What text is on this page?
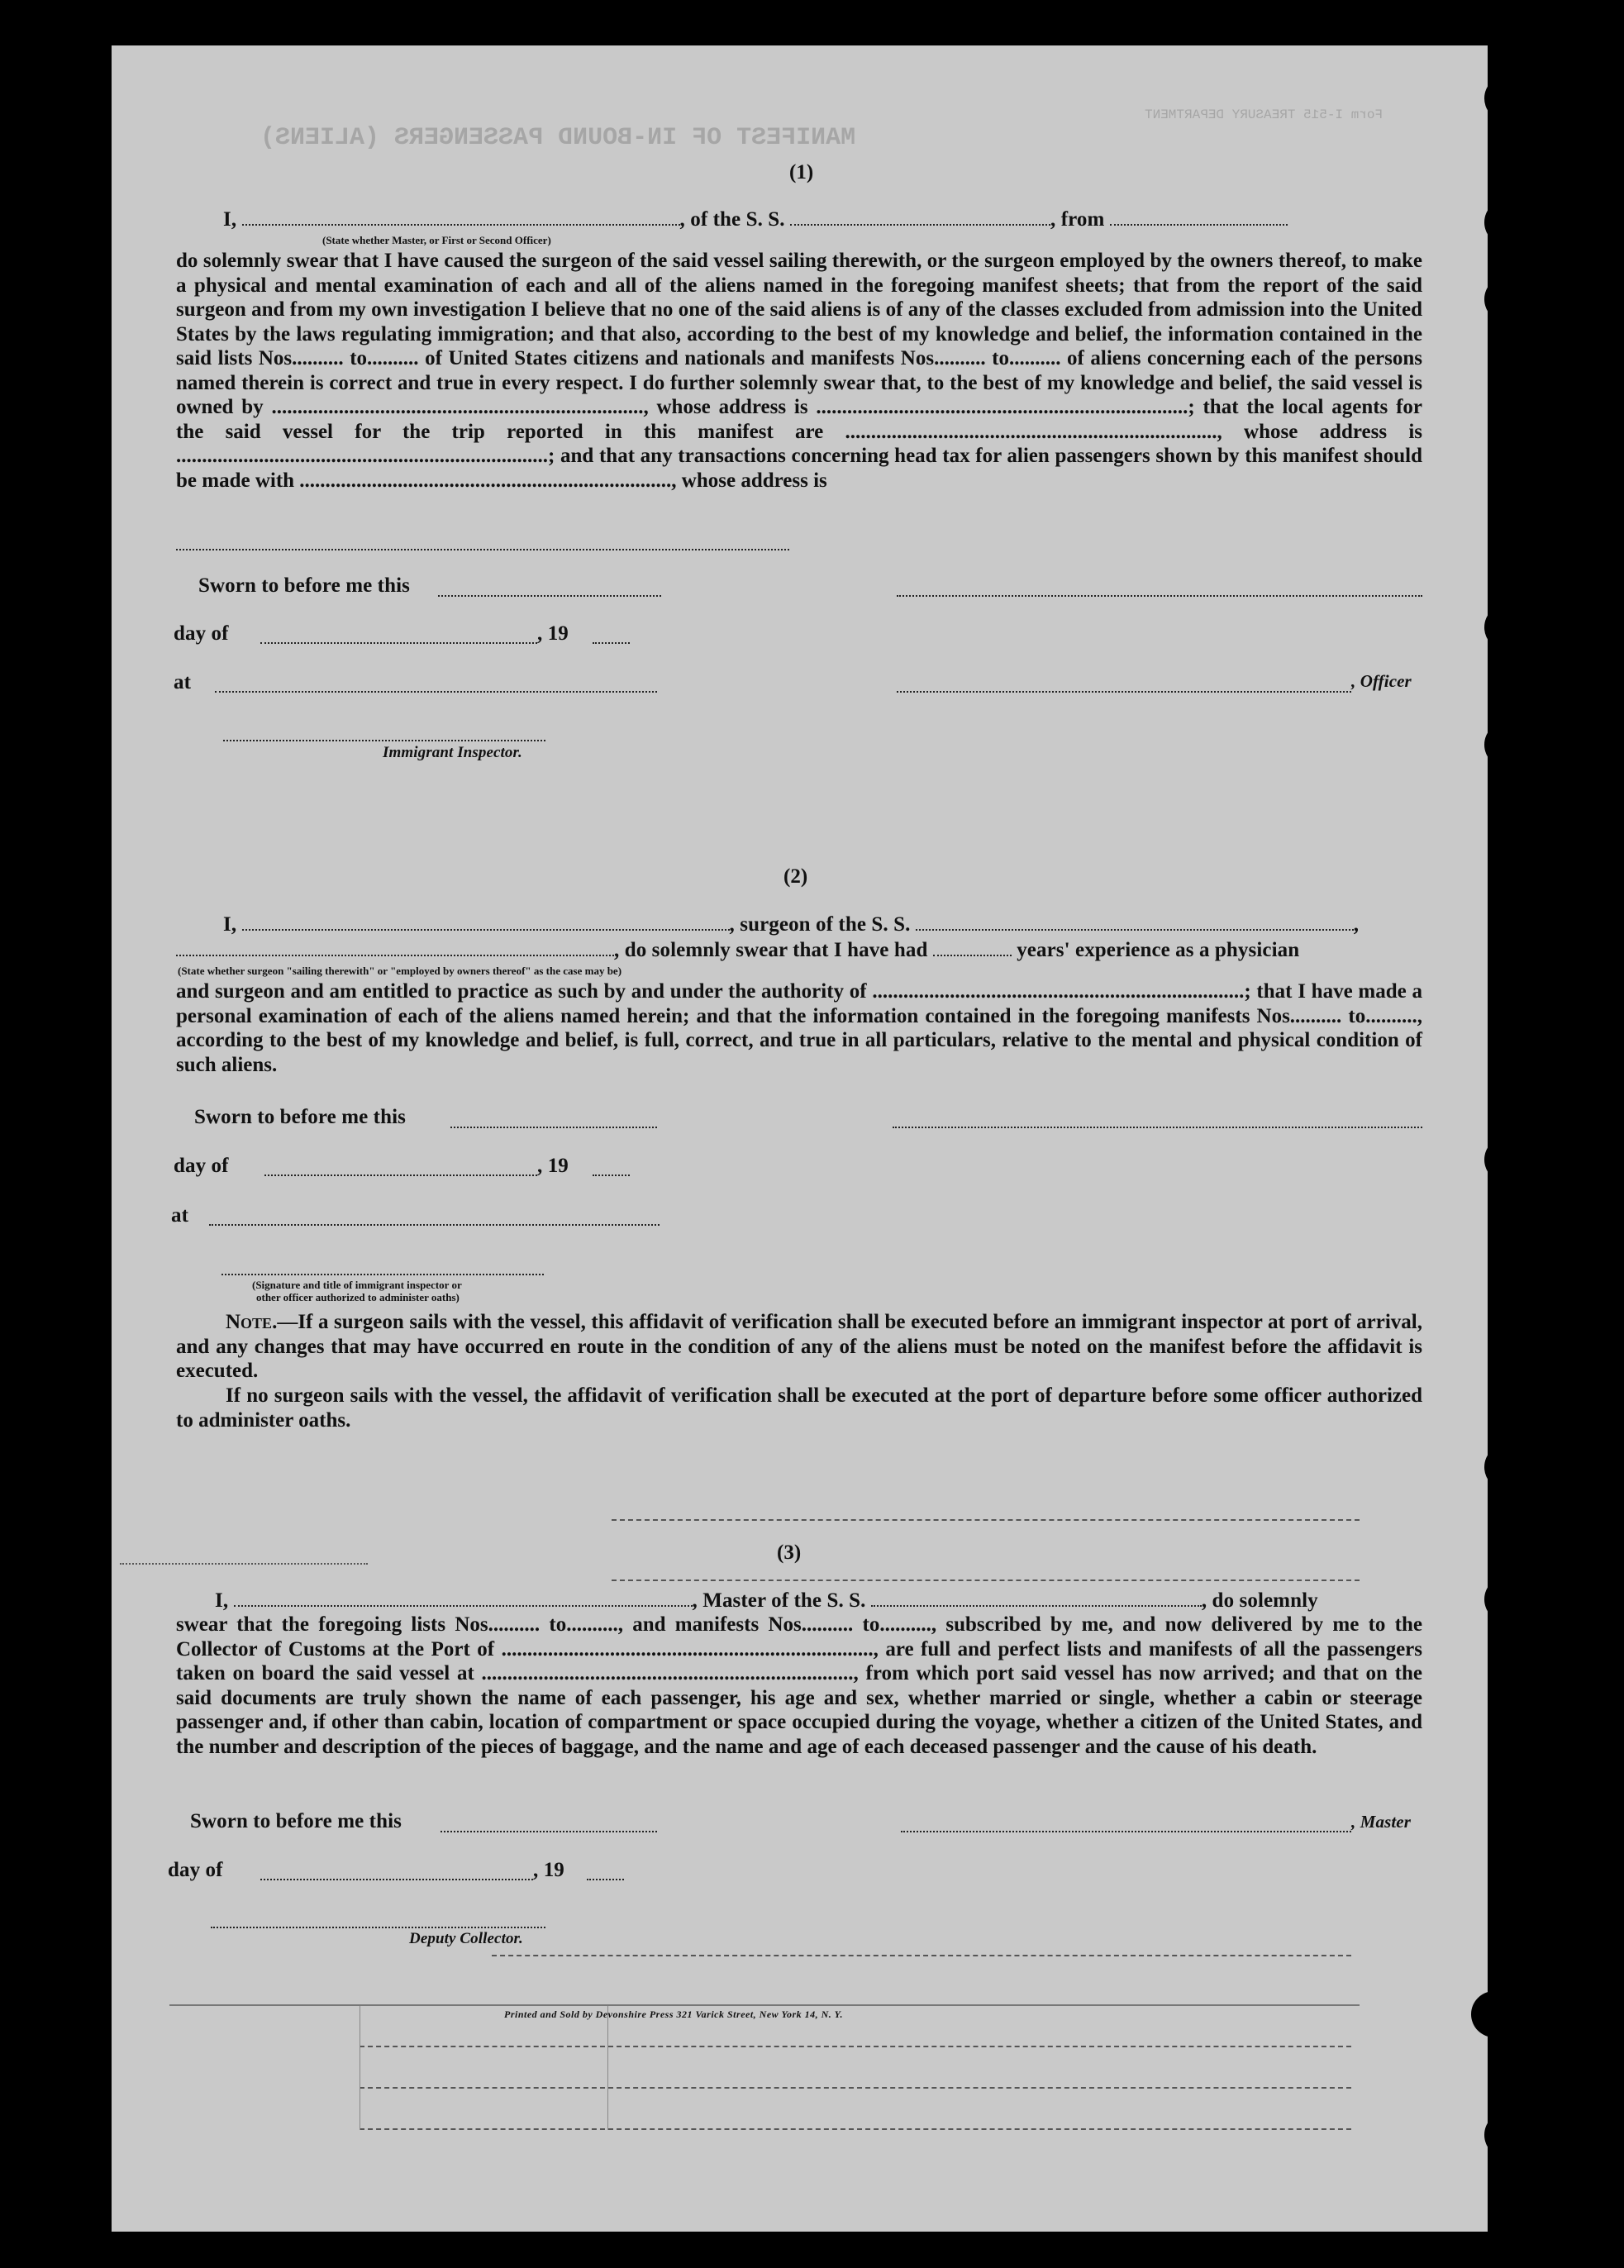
MANIFEST OF IN-BOUND PASSENGERS (ALIENS)
Form I-515 TREASURY DEPARTMENT
(1)
I,	, of the S. S.	, from
(State whether Master, or First or Second Officer)
do solemnly swear that I have caused the surgeon of the said vessel sailing therewith, or the surgeon employed by the owners thereof, to make a physical and mental examination of each and all of the aliens named in the foregoing manifest sheets; that from the report of the said surgeon and from my own investigation I believe that no one of the said aliens is of any of the classes excluded from admission into the United States by the laws regulating immigration; and that also, according to the best of my knowledge and belief, the information contained in the said lists Nos.......... to.......... of United States citizens and nationals and manifests Nos.......... to.......... of aliens concerning each of the persons named therein is correct and true in every respect. I do further solemnly swear that, to the best of my knowledge and belief, the said vessel is owned by ........................................................................, whose address is ........................................................................; that the local agents for the said vessel for the trip reported in this manifest are ........................................................................, whose address is ........................................................................; and that any transactions concerning head tax for alien passengers shown by this manifest should be made with ........................................................................, whose address is
Sworn to before me this
day of	, 19
at	, Officer
Immigrant Inspector.
(2)
I,	, surgeon of the S. S.	,
, do solemnly swear that I have had	years' experience as a physician
(State whether surgeon "sailing therewith" or "employed by owners thereof" as the case may be)
and surgeon and am entitled to practice as such by and under the authority of ........................................................................; that I have made a personal examination of each of the aliens named herein; and that the information contained in the foregoing manifests Nos.......... to.........., according to the best of my knowledge and belief, is full, correct, and true in all particulars, relative to the mental and physical condition of such aliens.
Sworn to before me this
day of	, 19
at
(Signature and title of immigrant inspector or
other officer authorized to administer oaths)
Note.—If a surgeon sails with the vessel, this affidavit of verification shall be executed before an immigrant inspector at port of arrival, and any changes that may have occurred en route in the condition of any of the aliens must be noted on the manifest before the affidavit is executed.
If no surgeon sails with the vessel, the affidavit of verification shall be executed at the port of departure before some officer authorized to administer oaths.
(3)
I,	, Master of the S. S.	, do solemnly
swear that the foregoing lists Nos.......... to.........., and manifests Nos.......... to.........., subscribed by me, and now delivered by me to the Collector of Customs at the Port of ........................................................................, are full and perfect lists and manifests of all the passengers taken on board the said vessel at ........................................................................, from which port said vessel has now arrived; and that on the said documents are truly shown the name of each passenger, his age and sex, whether married or single, whether a cabin or steerage passenger and, if other than cabin, location of compartment or space occupied during the voyage, whether a citizen of the United States, and the number and description of the pieces of baggage, and the name and age of each deceased passenger and the cause of his death.
Sworn to before me this	, Master
day of	, 19
Deputy Collector.
Printed and Sold by Devonshire Press 321 Varick Street, New York 14, N. Y.
